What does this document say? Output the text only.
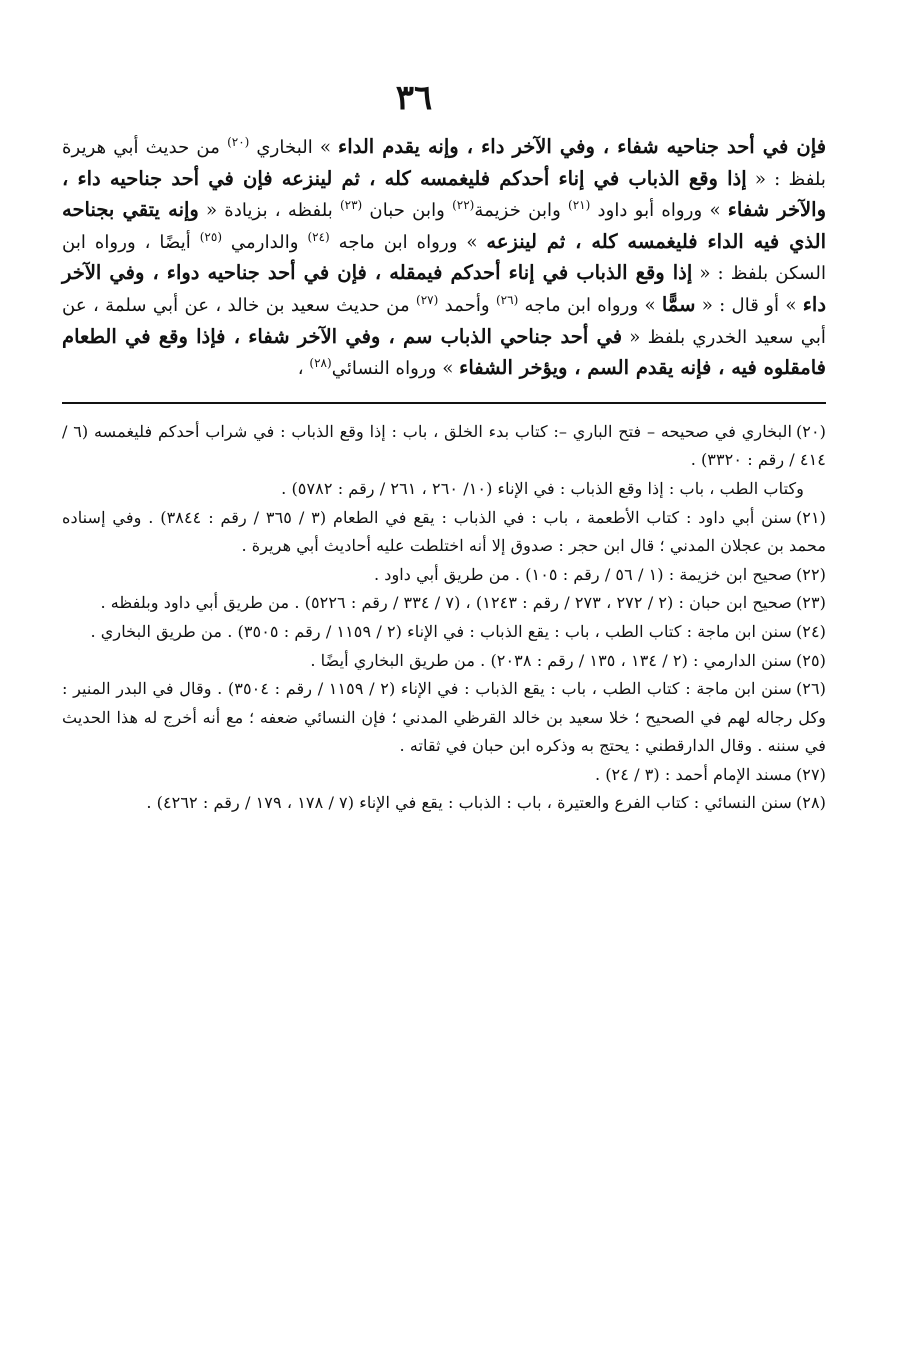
٣٦

فإن في أحد جناحيه شفاء ، وفي الآخر داء ، وإنه يقدم الداء » البخاري $^{(٢٠)}$ من حديث أبي هريرة بلفظ : « إذا وقع الذباب في إناء أحدكم فليغمسه كله ، ثم لينزعه فإن في أحد جناحيه داء ، والآخر شفاء » ورواه أبو داود $^{(٢١)}$ وابن خزيمة$^{(٢٢)}$ وابن حبان $^{(٢٣)}$ بلفظه ، بزيادة « وإنه يتقي بجناحه الذي فيه الداء فليغمسه كله ، ثم لينزعه » ورواه ابن ماجه $^{(٢٤)}$ والدارمي $^{(٢٥)}$ أيضًا ، ورواه ابن السكن بلفظ : « إذا وقع الذباب في إناء أحدكم فيمقله ، فإن في أحد جناحيه دواء ، وفي الآخر داء » أو قال : « سمًّا » ورواه ابن ماجه $^{(٢٦)}$ وأحمد $^{(٢٧)}$ من حديث سعيد بن خالد ، عن أبي سلمة ، عن أبي سعيد الخدري بلفظ « في أحد جناحي الذباب سم ، وفي الآخر شفاء ، فإذا وقع في الطعام فامقلوه فيه ، فإنه يقدم السم ، ويؤخر الشفاء » ورواه النسائي$^{(٢٨)}$ ،

(٢٠)البخاري في صحيحه – فتح الباري –: كتاب بدء الخلق ، باب : إذا وقع الذباب : في شراب أحدكم فليغمسه (٦ / ٤١٤ / رقم : ٣٣٢٠) .

وكتاب الطب ، باب : إذا وقع الذباب : في الإناء (١٠/ ٢٦٠ ، ٢٦١ / رقم : ٥٧٨٢) .

(٢١)سنن أبي داود : كتاب الأطعمة ، باب : في الذباب : يقع في الطعام (٣ / ٣٦٥ / رقم : ٣٨٤٤) . وفي إسناده محمد بن عجلان المدني ؛ قال ابن حجر : صدوق إلا أنه اختلطت عليه أحاديث أبي هريرة .

(٢٢)صحيح ابن خزيمة : (١ / ٥٦ / رقم : ١٠٥) . من طريق أبي داود .

(٢٣)صحيح ابن حبان : (٢ / ٢٧٢ ، ٢٧٣ / رقم : ١٢٤٣) ، (٧ / ٣٣٤ / رقم : ٥٢٢٦) . من طريق أبي داود وبلفظه .

(٢٤)سنن ابن ماجة : كتاب الطب ، باب : يقع الذباب : في الإناء (٢ / ١١٥٩ / رقم : ٣٥٠٥) . من طريق البخاري .

(٢٥)سنن الدارمي : (٢ / ١٣٤ ، ١٣٥ / رقم : ٢٠٣٨) . من طريق البخاري أيضًا .

(٢٦)سنن ابن ماجة : كتاب الطب ، باب : يقع الذباب : في الإناء (٢ / ١١٥٩ / رقم : ٣٥٠٤) . وقال في البدر المنير : وكل رجاله لهم في الصحيح ؛ خلا سعيد بن خالد القرظي المدني ؛ فإن النسائي ضعفه ؛ مع أنه أخرج له هذا الحديث في سننه . وقال الدارقطني : يحتج به وذكره ابن حبان في ثقاته .

(٢٧)مسند الإمام أحمد : (٣ / ٢٤) .

(٢٨)سنن النسائي : كتاب الفرع والعتيرة ، باب : الذباب : يقع في الإناء (٧ / ١٧٨ ، ١٧٩ / رقم : ٤٢٦٢) .
